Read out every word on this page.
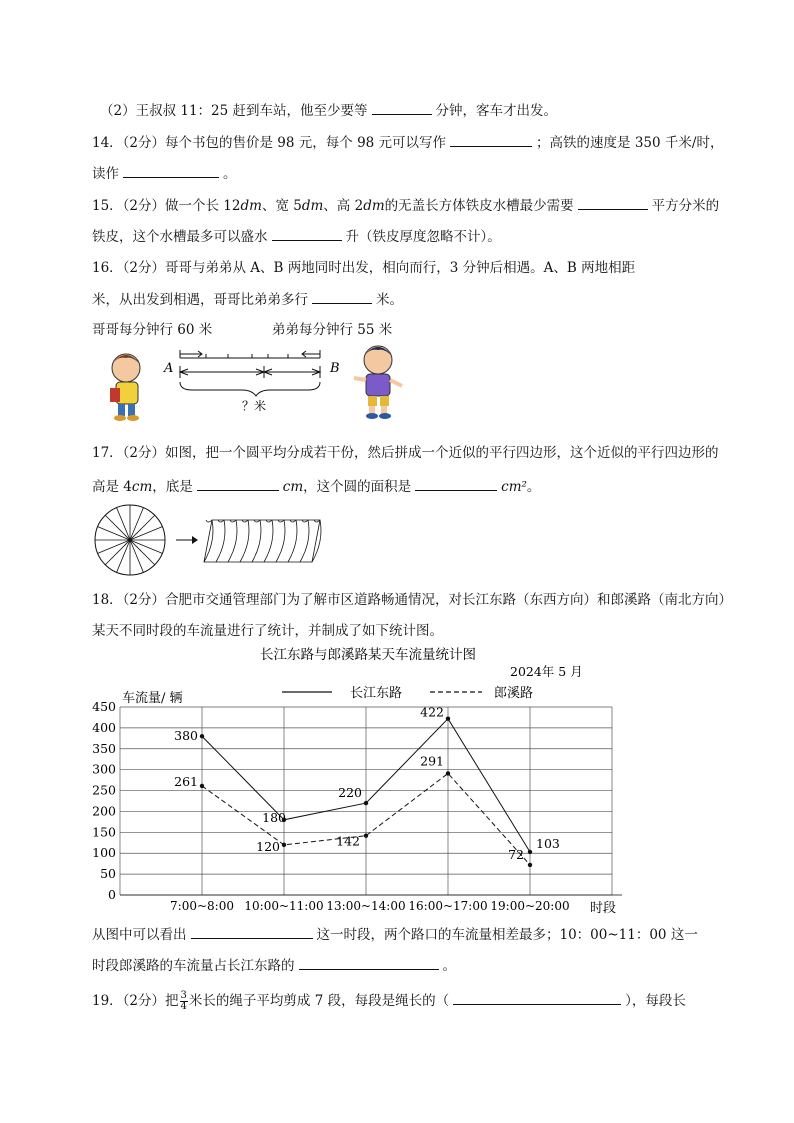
（2）王叔叔 11：25 赶到车站，他至少要等	分钟，客车才出发。
14．（2分）每个书包的售价是 98 元，每个 98 元可以写作	；高铁的速度是 350 千米/时，
读作	。
15．（2分）做一个长 12dm、宽 5dm、高 2dm的无盖长方体铁皮水槽最少需要	平方分米的
铁皮，这个水槽最多可以盛水	升（铁皮厚度忽略不计）。
16．（2分）哥哥与弟弟从 A、B 两地同时出发，相向而行，3 分钟后相遇。A、B 两地相距
米，从出发到相遇，哥哥比弟弟多行	米。
哥哥每分钟行 60 米	弟弟每分钟行 55 米
A
？米
B
17．（2分）如图，把一个圆平均分成若干份，然后拼成一个近似的平行四边形，这个近似的平行四边形的
高是 4cm，底是	cm，这个圆的面积是	cm²。
18．（2分）合肥市交通管理部门为了解市区道路畅通情况，对长江东路（东西方向）和郎溪路（南北方向）
某天不同时段的车流量进行了统计，并制成了如下统计图。
长江东路与郎溪路某天车流量统计图
2024年 5 月
车流量/ 辆
时段
长江东路	郎溪路
0
50
100
150
200
250
300
350
400
450
7:00~8:00 10:00~11:00 13:00~14:00 16:00~17:00 19:00~20:00
380
180
220
422
103
261
120	142
291
72
从图中可以看出	这一时段，两个路口的车流量相差最多；10：00~11：00 这一
时段郎溪路的车流量占长江东路的	。
19．（2分）把 $\frac{3}{4}$ 米长的绳子平均剪成 7 段，每段是绳长的（	），每段长
